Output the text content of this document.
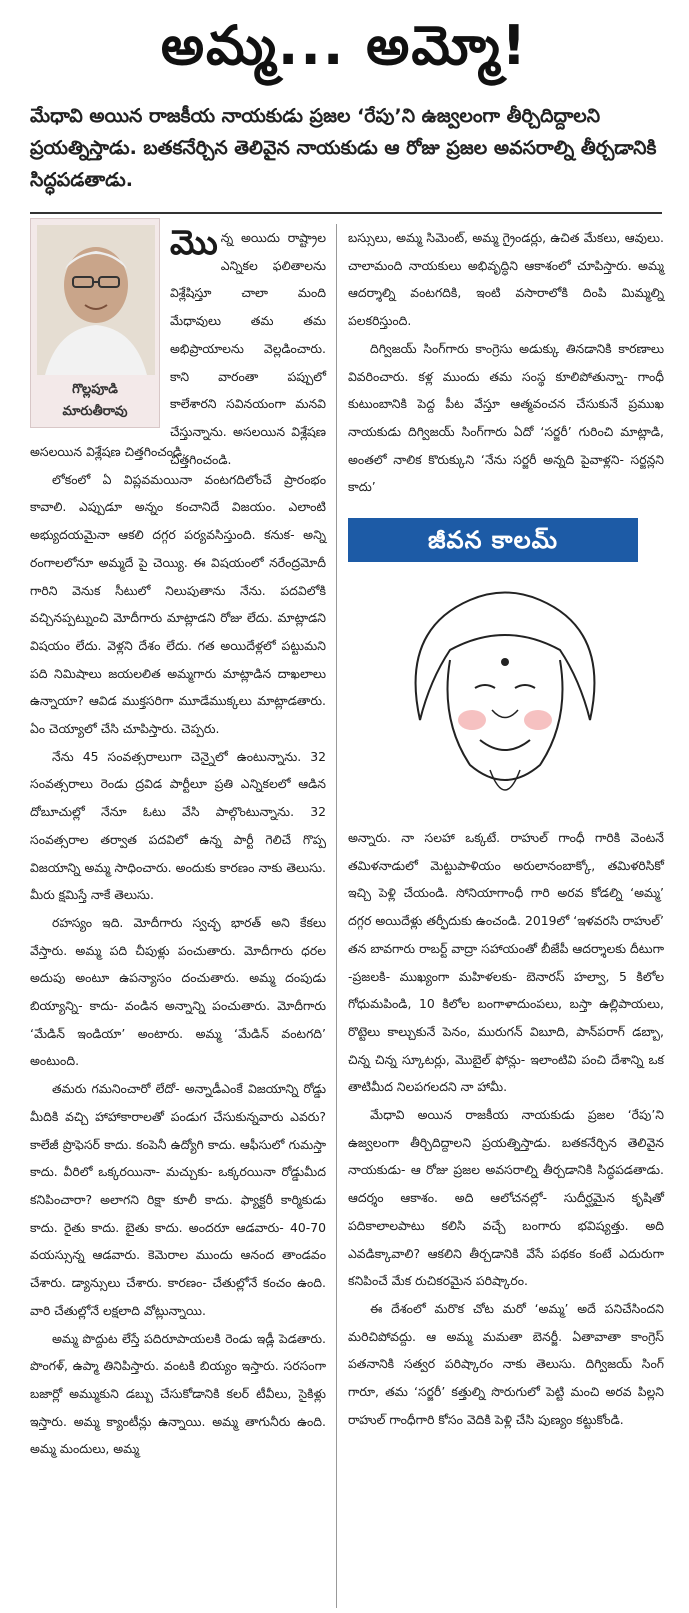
అమ్మ... అమ్మో!
మేధావి అయిన రాజకీయ నాయకుడు ప్రజల ‘రేపు’ని ఉజ్వలంగా తీర్చిదిద్దాలని ప్రయత్నిస్తాడు. బతకనేర్చిన తెలివైన నాయకుడు ఆ రోజు ప్రజల అవసరాల్ని తీర్చడానికి సిద్ధపడతాడు.
గొల్లపూడి
మారుతీరావు
మొన్న అయిదు రాష్ట్రాల ఎన్నికల ఫలితాలను విశ్లేషిస్తూ చాలా మంది మేధావులు తమ తమ అభిప్రాయాలను వెల్లడించారు. కాని వారంతా పప్పులో కాలేశారని సవినయంగా మనవి చేస్తున్నాను. అసలయిన విశ్లేషణ చిత్తగించండి.

అసలయిన విశ్లేషణ చిత్తగించండి.

లోకంలో ఏ విప్లవమయినా వంటగదిలోంచే ప్రారంభం కావాలి. ఎప్పుడూ అన్నం కంచానిదే విజయం. ఎలాంటి అభ్యుదయమైనా ఆకలి దగ్గర పర్యవసిస్తుంది. కనుక- అన్ని రంగాలలోనూ అమ్మదే పై చెయ్యి. ఈ విషయంలో నరేంద్రమోదీ గారిని వెనుక సీటులో నిలుపుతాను నేను. పదవిలోకి వచ్చినప్పట్నుంచి మోదీగారు మాట్లాడని రోజు లేదు. మాట్లాడని విషయం లేదు. వెళ్లని దేశం లేదు. గత అయిదేళ్లలో పట్టుమని పది నిమిషాలు జయలలిత అమ్మగారు మాట్లాడిన దాఖలాలు ఉన్నాయా? ఆవిడ ముక్తసరిగా మూడేముక్కలు మాట్లాడతారు. ఏం చెయ్యాలో చేసి చూపిస్తారు. చెప్పరు.

నేను 45 సంవత్సరాలుగా చెన్నైలో ఉంటున్నాను. 32 సంవత్సరాలు రెండు ద్రవిడ పార్టీలూ ప్రతి ఎన్నికలలో ఆడిన దోబూచుల్లో నేనూ ఓటు వేసి పాల్గొంటున్నాను. 32 సంవత్సరాల తర్వాత పదవిలో ఉన్న పార్టీ గెలిచే గొప్ప విజయాన్ని అమ్మ సాధించారు. అందుకు కారణం నాకు తెలుసు. మీరు క్షమిస్తే నాకే తెలుసు.

రహస్యం ఇది. మోదీగారు స్వచ్ఛ భారత్ అని కేకలు వేస్తారు. అమ్మ పది చీపుళ్లు పంచుతారు. మోదీగారు ధరల అదుపు అంటూ ఉపన్యాసం దంచుతారు. అమ్మ దంపుడు బియ్యాన్ని- కాదు- వండిన అన్నాన్ని పంచుతారు. మోదీగారు ‘మేడిన్ ఇండియా’ అంటారు. అమ్మ ‘మేడిన్ వంటగది’ అంటుంది.

తమరు గమనించారో లేదో- అన్నాడీఎంకే విజయాన్ని రోడ్డు మీదికి వచ్చి హాహాకారాలతో పండుగ చేసుకున్నవారు ఎవరు? కాలేజీ ప్రొఫెసర్ కాదు. కంపెనీ ఉద్యోగి కాదు. ఆఫీసులో గుమస్తా కాదు. వీరిలో ఒక్కరయినా- మచ్చుకు- ఒక్కరయినా రోడ్డుమీద కనిపించారా? అలాగని రిక్షా కూలీ కాదు. ఫ్యాక్టరీ కార్మికుడు కాదు. రైతు కాదు. బైతు కాదు. అందరూ ఆడవారు- 40-70 వయస్సున్న ఆడవారు. కెమెరాల ముందు ఆనంద తాండవం చేశారు. డ్యాన్సులు చేశారు. కారణం- చేతుల్లోనే కంచం ఉంది. వారి చేతుల్లోనే లక్షలాది వోట్లున్నాయి.

అమ్మ పొద్దుట లేస్తే పదిరూపాయలకి రెండు ఇడ్లీ పెడతారు. పొంగళ్, ఉప్మా తినిపిస్తారు. వంటకి బియ్యం ఇస్తారు. సరసంగా బజార్లో అమ్ముకుని డబ్బు చేసుకోడానికి కలర్ టీవీలు, సైకిళ్లు ఇస్తారు. అమ్మ క్యాంటీన్లు ఉన్నాయి. అమ్మ తాగునీరు ఉంది. అమ్మ మందులు, అమ్మ

బస్సులు, అమ్మ సిమెంట్, అమ్మ గ్రైండర్లు, ఉచిత మేకలు, ఆవులు. చాలామంది నాయకులు అభివృద్ధిని ఆకాశంలో చూపిస్తారు. అమ్మ ఆదర్శాల్ని వంటగదికి, ఇంటి వసారాలోకి దింపి మిమ్మల్ని పలకరిస్తుంది.

దిగ్విజయ్ సింగ్‌గారు కాంగ్రెసు అడుక్కు తినడానికి కారణాలు వివరించారు. కళ్ల ముందు తమ సంస్థ కూలిపోతున్నా- గాంధీ కుటుంబానికి పెద్ద పీట వేస్తూ ఆత్మవంచన చేసుకునే ప్రముఖ నాయకుడు దిగ్విజయ్ సింగ్‌గారు ఏదో ‘సర్జరీ’ గురించి మాట్లాడి, అంతలో నాలిక కొరుక్కుని ‘నేను సర్జరీ అన్నది పైవాళ్లని- సర్జన్లని కాదు’

జీవన కాలమ్

అన్నారు. నా సలహా ఒక్కటే. రాహుల్ గాంధీ గారికి వెంటనే తమిళనాడులో మెట్టుపాళియం అరులానంబాక్కో, తమిళరిసికో ఇచ్చి పెళ్లి చేయండి. సోనియాగాంధీ గారి అరవ కోడల్ని ‘అమ్మ’ దగ్గర అయిదేళ్లు తర్ఫీదుకు ఉంచండి. 2019లో ‘ఇళవరసి రాహుల్’ తన బావగారు రాబర్ట్ వాద్రా సహాయంతో బీజేపీ ఆదర్శాలకు దీటుగా -ప్రజలకి- ముఖ్యంగా మహిళలకు- బెనారస్ హల్వా, 5 కిలోల గోధుమపిండి, 10 కిలోల బంగాళాదుంపలు, బస్తా ఉల్లిపాయలు, రొట్టెలు కాల్చుకునే పెనం, మురుగన్ విబూది, పాన్‌పరాగ్ డబ్బా, చిన్న చిన్న స్కూటర్లు, మొబైల్ ఫోన్లు- ఇలాంటివి పంచి దేశాన్ని ఒక తాటిమీద నిలపగలదని నా హామీ.

మేధావి అయిన రాజకీయ నాయకుడు ప్రజల ‘రేపు’ని ఉజ్వలంగా తీర్చిదిద్దాలని ప్రయత్నిస్తాడు. బతకనేర్చిన తెలివైన నాయకుడు- ఆ రోజు ప్రజల అవసరాల్ని తీర్చడానికి సిద్ధపడతాడు. ఆదర్శం ఆకాశం. అది ఆలోచనల్లో- సుదీర్ఘమైన కృషితో పదికాలాలపాటు కలిసి వచ్చే బంగారు భవిష్యత్తు. అది ఎవడిక్కావాలి? ఆకలిని తీర్చడానికి వేసే పథకం కంటే ఎదురుగా కనిపించే మేక రుచికరమైన పరిష్కారం.

ఈ దేశంలో మరొక చోట మరో ‘అమ్మ’ అదే పనిచేసిందని మరిచిపోవద్దు. ఆ అమ్మ మమతా బెనర్జీ. ఏతావాతా కాంగ్రెస్ పతనానికి సత్వర పరిష్కారం నాకు తెలుసు. దిగ్విజయ్ సింగ్ గారూ, తమ ‘సర్జరీ’ కత్తుల్ని సొరుగులో పెట్టి మంచి అరవ పిల్లని రాహుల్ గాంధీగారి కోసం వెదికి పెళ్లి చేసి పుణ్యం కట్టుకోండి.
